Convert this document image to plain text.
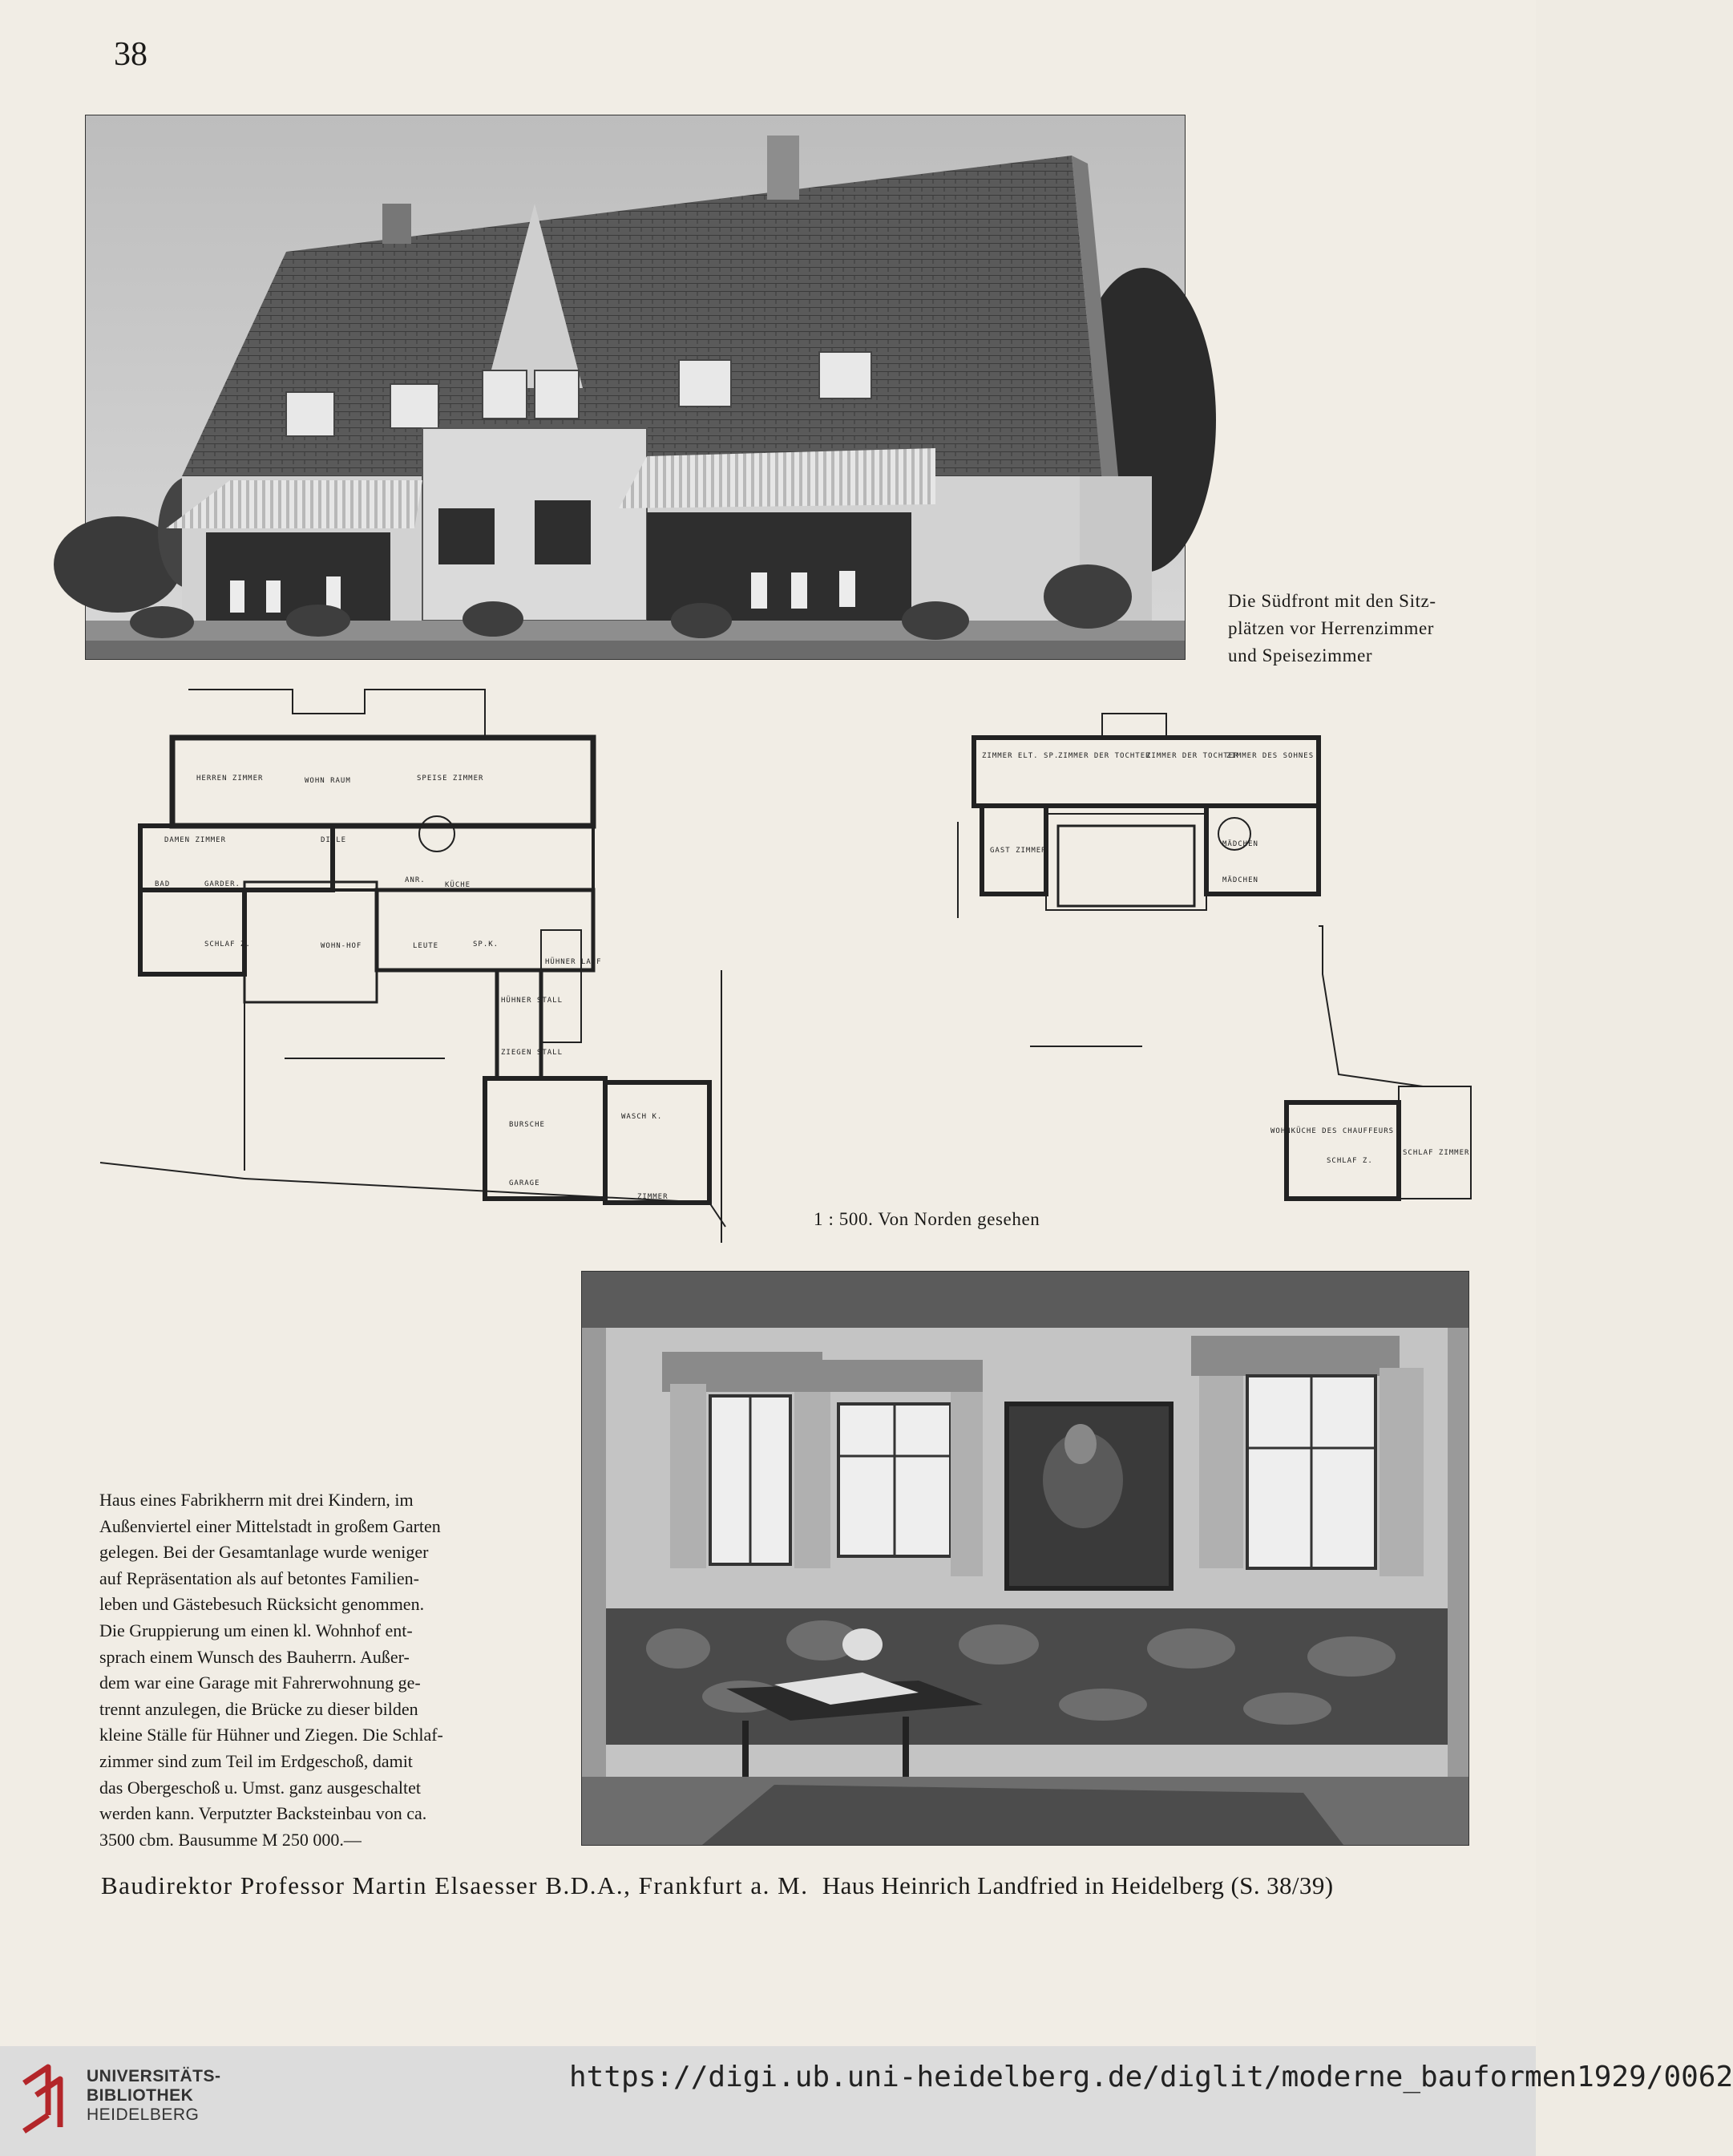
38
Die Südfront mit den Sitz-
plätzen vor Herrenzimmer
und Speisezimmer
HERREN ZIMMER	WOHN RAUM	SPEISE ZIMMER
DAMEN ZIMMER	DIELE
BAD	GARDER.	ANR.
KÜCHE
SCHLAF Z.	WOHN-HOF	LEUTE	SP.K.
HÜHNER LAUF
HÜHNER STALL
ZIEGEN STALL
BURSCHE
WASCH K.
GARAGE
ZIMMER
ZIMMER ELT. SP.
ZIMMER DER TOCHTER
ZIMMER DER TOCHTER
ZIMMER DES SOHNES
GAST ZIMMER
MÄDCHEN
MÄDCHEN
WOHNKÜCHE DES CHAUFFEURS
SCHLAF Z.
SCHLAF ZIMMER
1 : 500. Von Norden gesehen
Haus eines Fabrikherrn mit drei Kindern, im
Außenviertel einer Mittelstadt in großem Garten
gelegen. Bei der Gesamtanlage wurde weniger
auf Repräsentation als auf betontes Familien-
leben und Gästebesuch Rücksicht genommen.
Die Gruppierung um einen kl. Wohnhof ent-
sprach einem Wunsch des Bauherrn. Außer-
dem war eine Garage mit Fahrerwohnung ge-
trennt anzulegen, die Brücke zu dieser bilden
kleine Ställe für Hühner und Ziegen. Die Schlaf-
zimmer sind zum Teil im Erdgeschoß, damit
das Obergeschoß u. Umst. ganz ausgeschaltet
werden kann. Verputzter Backsteinbau von ca.
3500 cbm. Bausumme M 250 000.—
Baudirektor Professor Martin Elsaesser B.D.A., Frankfurt a. M. Haus Heinrich Landfried in Heidelberg (S. 38/39)
UNIVERSITÄTS-
BIBLIOTHEK
HEIDELBERG
https://digi.ub.uni-heidelberg.de/diglit/moderne_bauformen1929/0062
